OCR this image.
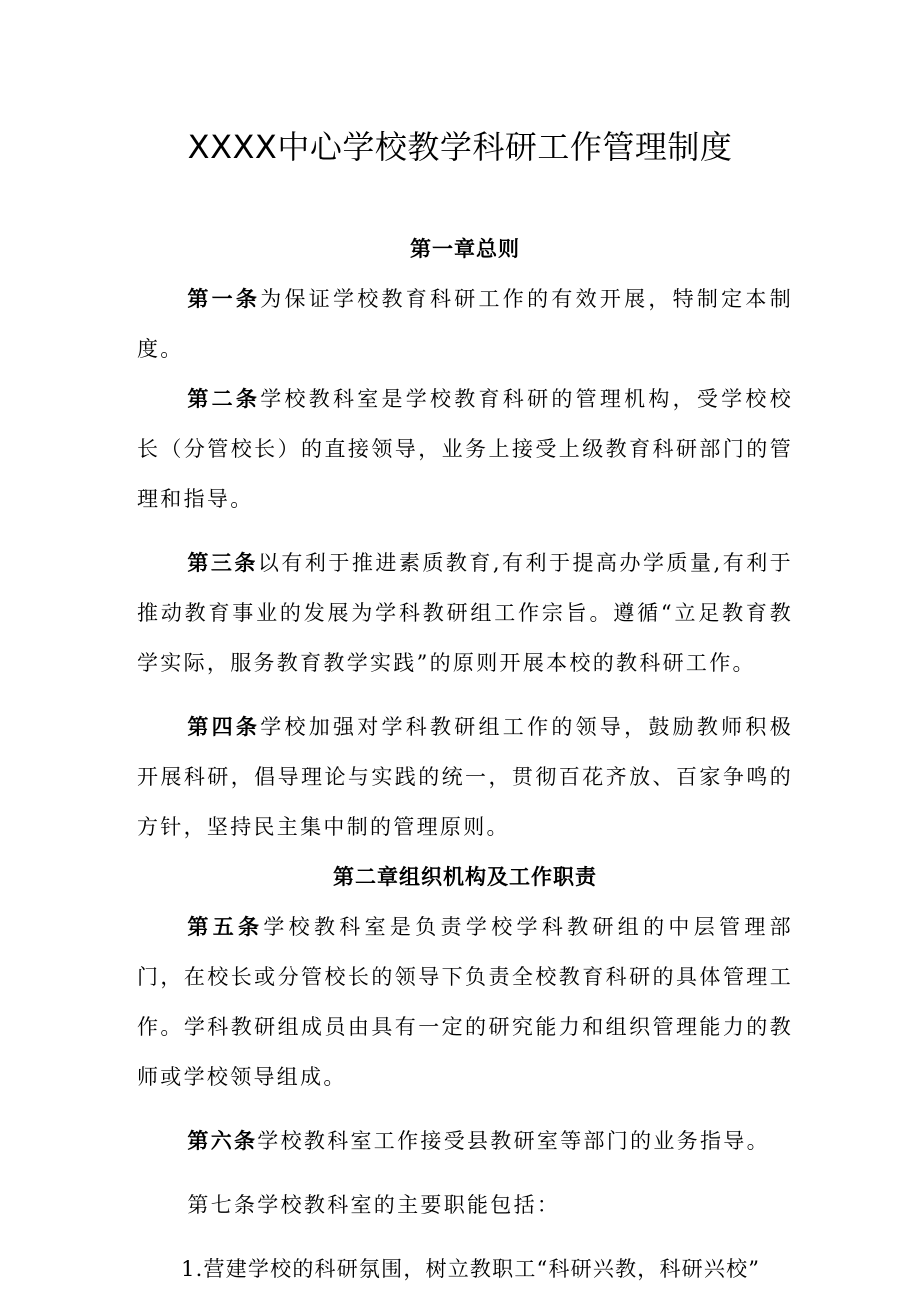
XXXX中心学校教学科研工作管理制度

第一章总则

第一条为保证学校教育科研工作的有效开展，特制定本制度。

第二条学校教科室是学校教育科研的管理机构，受学校校长（分管校长）的直接领导，业务上接受上级教育科研部门的管理和指导。

第三条以有利于推进素质教育,有利于提高办学质量,有利于推动教育事业的发展为学科教研组工作宗旨。遵循“立足教育教学实际，服务教育教学实践”的原则开展本校的教科研工作。

第四条学校加强对学科教研组工作的领导，鼓励教师积极开展科研，倡导理论与实践的统一，贯彻百花齐放、百家争鸣的方针，坚持民主集中制的管理原则。

第二章组织机构及工作职责

第五条学校教科室是负责学校学科教研组的中层管理部门，在校长或分管校长的领导下负责全校教育科研的具体管理工作。学科教研组成员由具有一定的研究能力和组织管理能力的教师或学校领导组成。

第六条学校教科室工作接受县教研室等部门的业务指导。

第七条学校教科室的主要职能包括：

1.营建学校的科研氛围，树立教职工“科研兴教，科研兴校”
